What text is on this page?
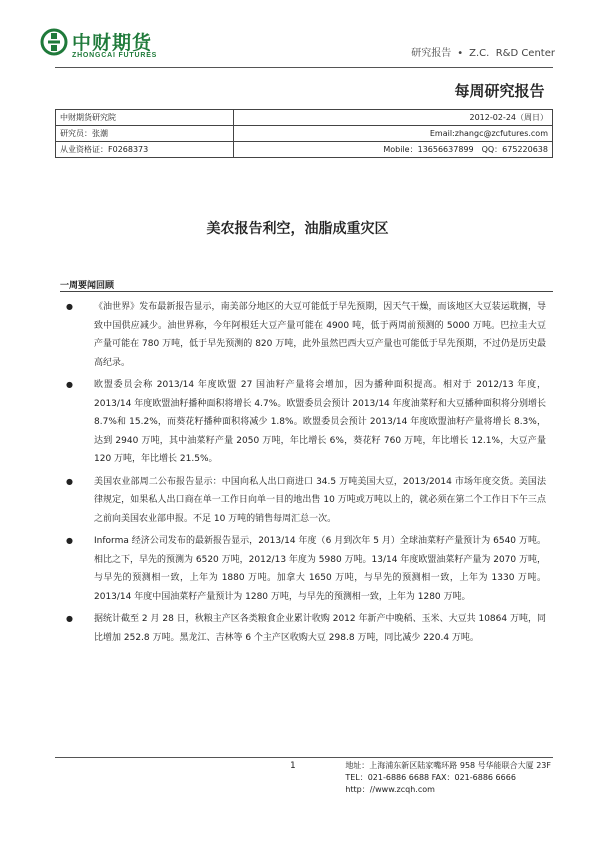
中财期货
ZHONGCAI FUTURES	研究报告 • Z.C. R&D Center
每周研究报告	
中财期货研究院	2012-02-24（周日）
研究员：张潮	Email:zhangc@zcfutures.com
从业资格证：F0268373	Mobile：13656637899　QQ：675220638
美农报告利空，油脂成重灾区
一周要闻回顾
● 《油世界》发布最新报告显示，南美部分地区的大豆可能低于早先预期，因天气干燥，而该地区大豆装运耽搁，导致中国供应减少。油世界称，今年阿根廷大豆产量可能在 4900 吨，低于两周前预测的 5000 万吨。巴拉圭大豆产量可能在 780 万吨，低于早先预测的 820 万吨，此外虽然巴西大豆产量也可能低于早先预期，不过仍是历史最高纪录。
● 欧盟委员会称 2013/14 年度欧盟 27 国油籽产量将会增加，因为播种面积提高。相对于 2012/13 年度，2013/14 年度欧盟油籽播种面积将增长 4.7%。欧盟委员会预计 2013/14 年度油菜籽和大豆播种面积将分别增长 8.7%和 15.2%，而葵花籽播种面积将减少 1.8%。欧盟委员会预计 2013/14 年度欧盟油籽产量将增长 8.3%，达到 2940 万吨，其中油菜籽产量 2050 万吨，年比增长 6%，葵花籽 760 万吨，年比增长 12.1%，大豆产量 120 万吨，年比增长 21.5%。
● 美国农业部周二公布报告显示：中国向私人出口商进口 34.5 万吨美国大豆，2013/2014 市场年度交货。美国法律规定，如果私人出口商在单一工作日向单一目的地出售 10 万吨或万吨以上的，就必须在第二个工作日下午三点之前向美国农业部申报。不足 10 万吨的销售每周汇总一次。
● Informa 经济公司发布的最新报告显示，2013/14 年度（6 月到次年 5 月）全球油菜籽产量预计为 6540 万吨。相比之下，早先的预测为 6520 万吨，2012/13 年度为 5980 万吨。13/14 年度欧盟油菜籽产量为 2070 万吨，与早先的预测相一致，上年为 1880 万吨。加拿大 1650 万吨，与早先的预测相一致，上年为 1330 万吨。2013/14 年度中国油菜籽产量预计为 1280 万吨，与早先的预测相一致，上年为 1280 万吨。
● 据统计截至 2 月 28 日，秋粮主产区各类粮食企业累计收购 2012 年新产中晚稻、玉米、大豆共 10864 万吨，同比增加 252.8 万吨。黑龙江、吉林等 6 个主产区收购大豆 298.8 万吨，同比减少 220.4 万吨。
1	地址：上海浦东新区陆家嘴环路 958 号华能联合大厦 23F
TEL：021-6886 6688 FAX：021-6886 6666
http：//www.zcqh.com
